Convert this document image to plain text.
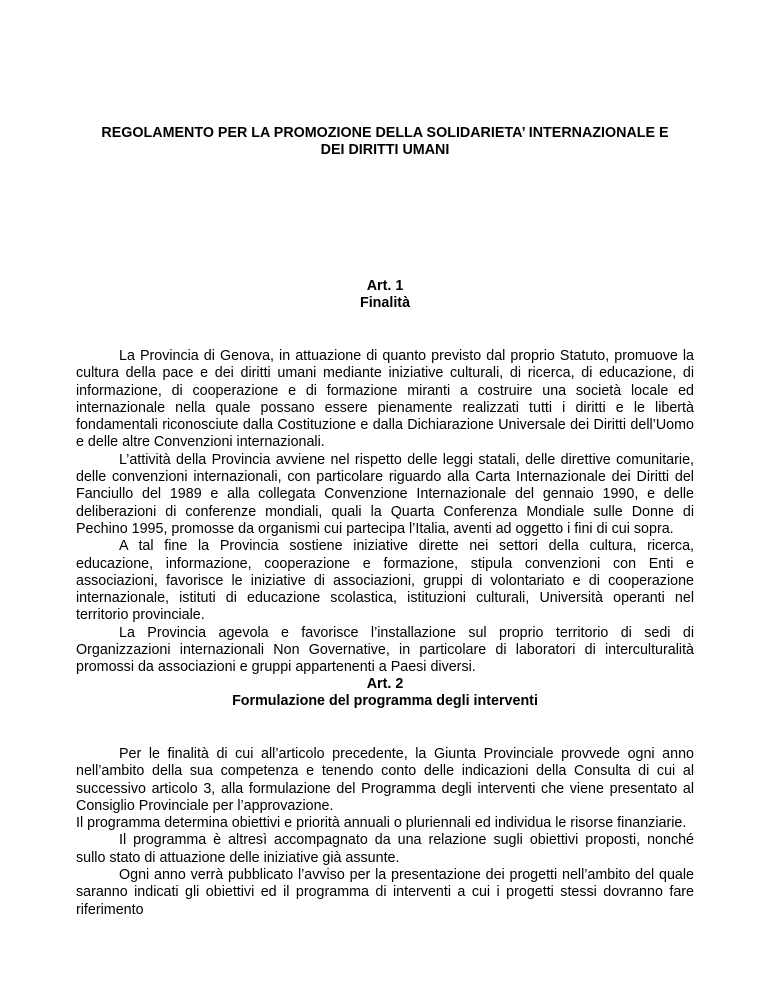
REGOLAMENTO PER LA PROMOZIONE DELLA SOLIDARIETA’ INTERNAZIONALE E
DEI DIRITTI UMANI
Art. 1
Finalità

La Provincia di Genova, in attuazione di quanto previsto dal proprio Statuto, promuove la cultura della pace e dei diritti umani mediante iniziative culturali, di ricerca, di educazione, di informazione, di cooperazione e di formazione miranti a costruire una società locale ed internazionale nella quale possano essere pienamente realizzati tutti i diritti e le libertà fondamentali riconosciute dalla Costituzione e dalla Dichiarazione Universale dei Diritti dell’Uomo e delle altre Convenzioni internazionali.

L’attività della Provincia avviene nel rispetto delle leggi statali, delle direttive comunitarie, delle convenzioni internazionali, con particolare riguardo alla Carta Internazionale dei Diritti del Fanciullo del 1989 e alla collegata Convenzione Internazionale del gennaio 1990, e delle deliberazioni di conferenze mondiali, quali la Quarta Conferenza Mondiale sulle Donne di Pechino 1995, promosse da organismi cui partecipa l’Italia, aventi ad oggetto i fini di cui sopra.

A tal fine la Provincia sostiene iniziative dirette nei settori della cultura, ricerca, educazione, informazione, cooperazione e formazione, stipula convenzioni con Enti e associazioni, favorisce le iniziative di associazioni, gruppi di volontariato e di cooperazione internazionale, istituti di educazione scolastica, istituzioni culturali, Università operanti nel territorio provinciale.

La Provincia agevola e favorisce l’installazione sul proprio territorio di sedi di Organizzazioni internazionali Non Governative, in particolare di laboratori di interculturalità promossi da associazioni e gruppi appartenenti a Paesi diversi.

Art. 2
Formulazione del programma degli interventi

Per le finalità di cui all’articolo precedente, la Giunta Provinciale provvede ogni anno nell’ambito della sua competenza e tenendo conto delle indicazioni della Consulta di cui al successivo articolo 3, alla formulazione del Programma degli interventi che viene presentato al Consiglio Provinciale per l’approvazione.

Il programma determina obiettivi e priorità annuali o pluriennali ed individua le risorse finanziarie.

Il programma è altresì accompagnato da una relazione sugli obiettivi proposti, nonché sullo stato di attuazione delle iniziative già assunte.

Ogni anno verrà pubblicato l’avviso per la presentazione dei progetti nell’ambito del quale saranno indicati gli obiettivi ed il programma di interventi a cui i progetti stessi dovranno fare riferimento
